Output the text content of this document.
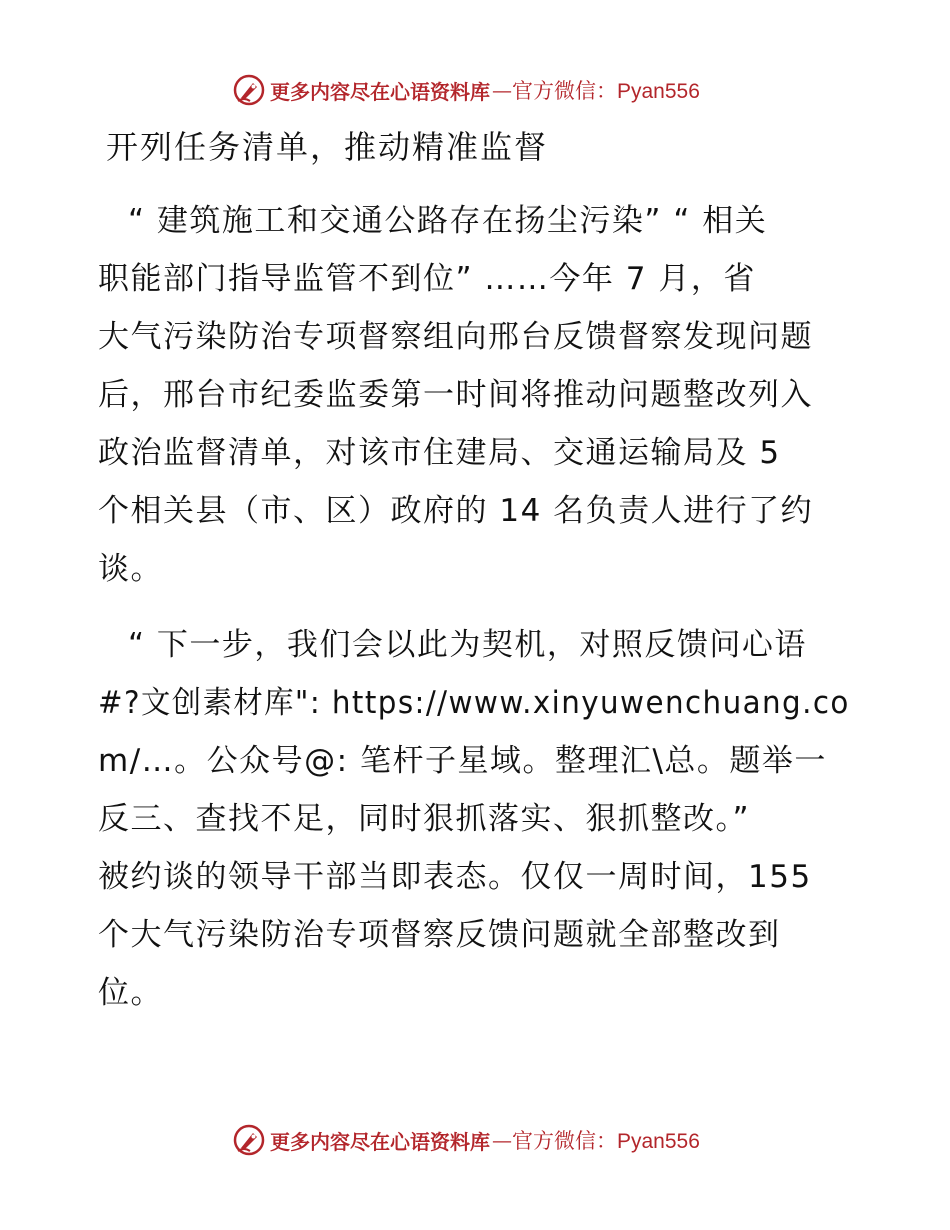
更多内容尽在心语资料库 — 官方微信：Pyan556
开列任务清单，推动精准监督
“ 建筑施工和交通公路存在扬尘污染” “ 相关
职能部门指导监管不到位” ……今年 7 月，省
大气污染防治专项督察组向邢台反馈督察发现问题
后，邢台市纪委监委第一时间将推动问题整改列入
政治监督清单，对该市住建局、交通运输局及 5
个相关县（市、区）政府的 14 名负责人进行了约
谈。
“ 下一步，我们会以此为契机，对照反馈问心语
#?文创素材库": https://www.xinyuwenchuang.co
m/…。公众号@: 笔杆子星域。整理汇\总。题举一
反三、查找不足，同时狠抓落实、狠抓整改。”
被约谈的领导干部当即表态。仅仅一周时间，155
个大气污染防治专项督察反馈问题就全部整改到
位。
更多内容尽在心语资料库 — 官方微信：Pyan556
